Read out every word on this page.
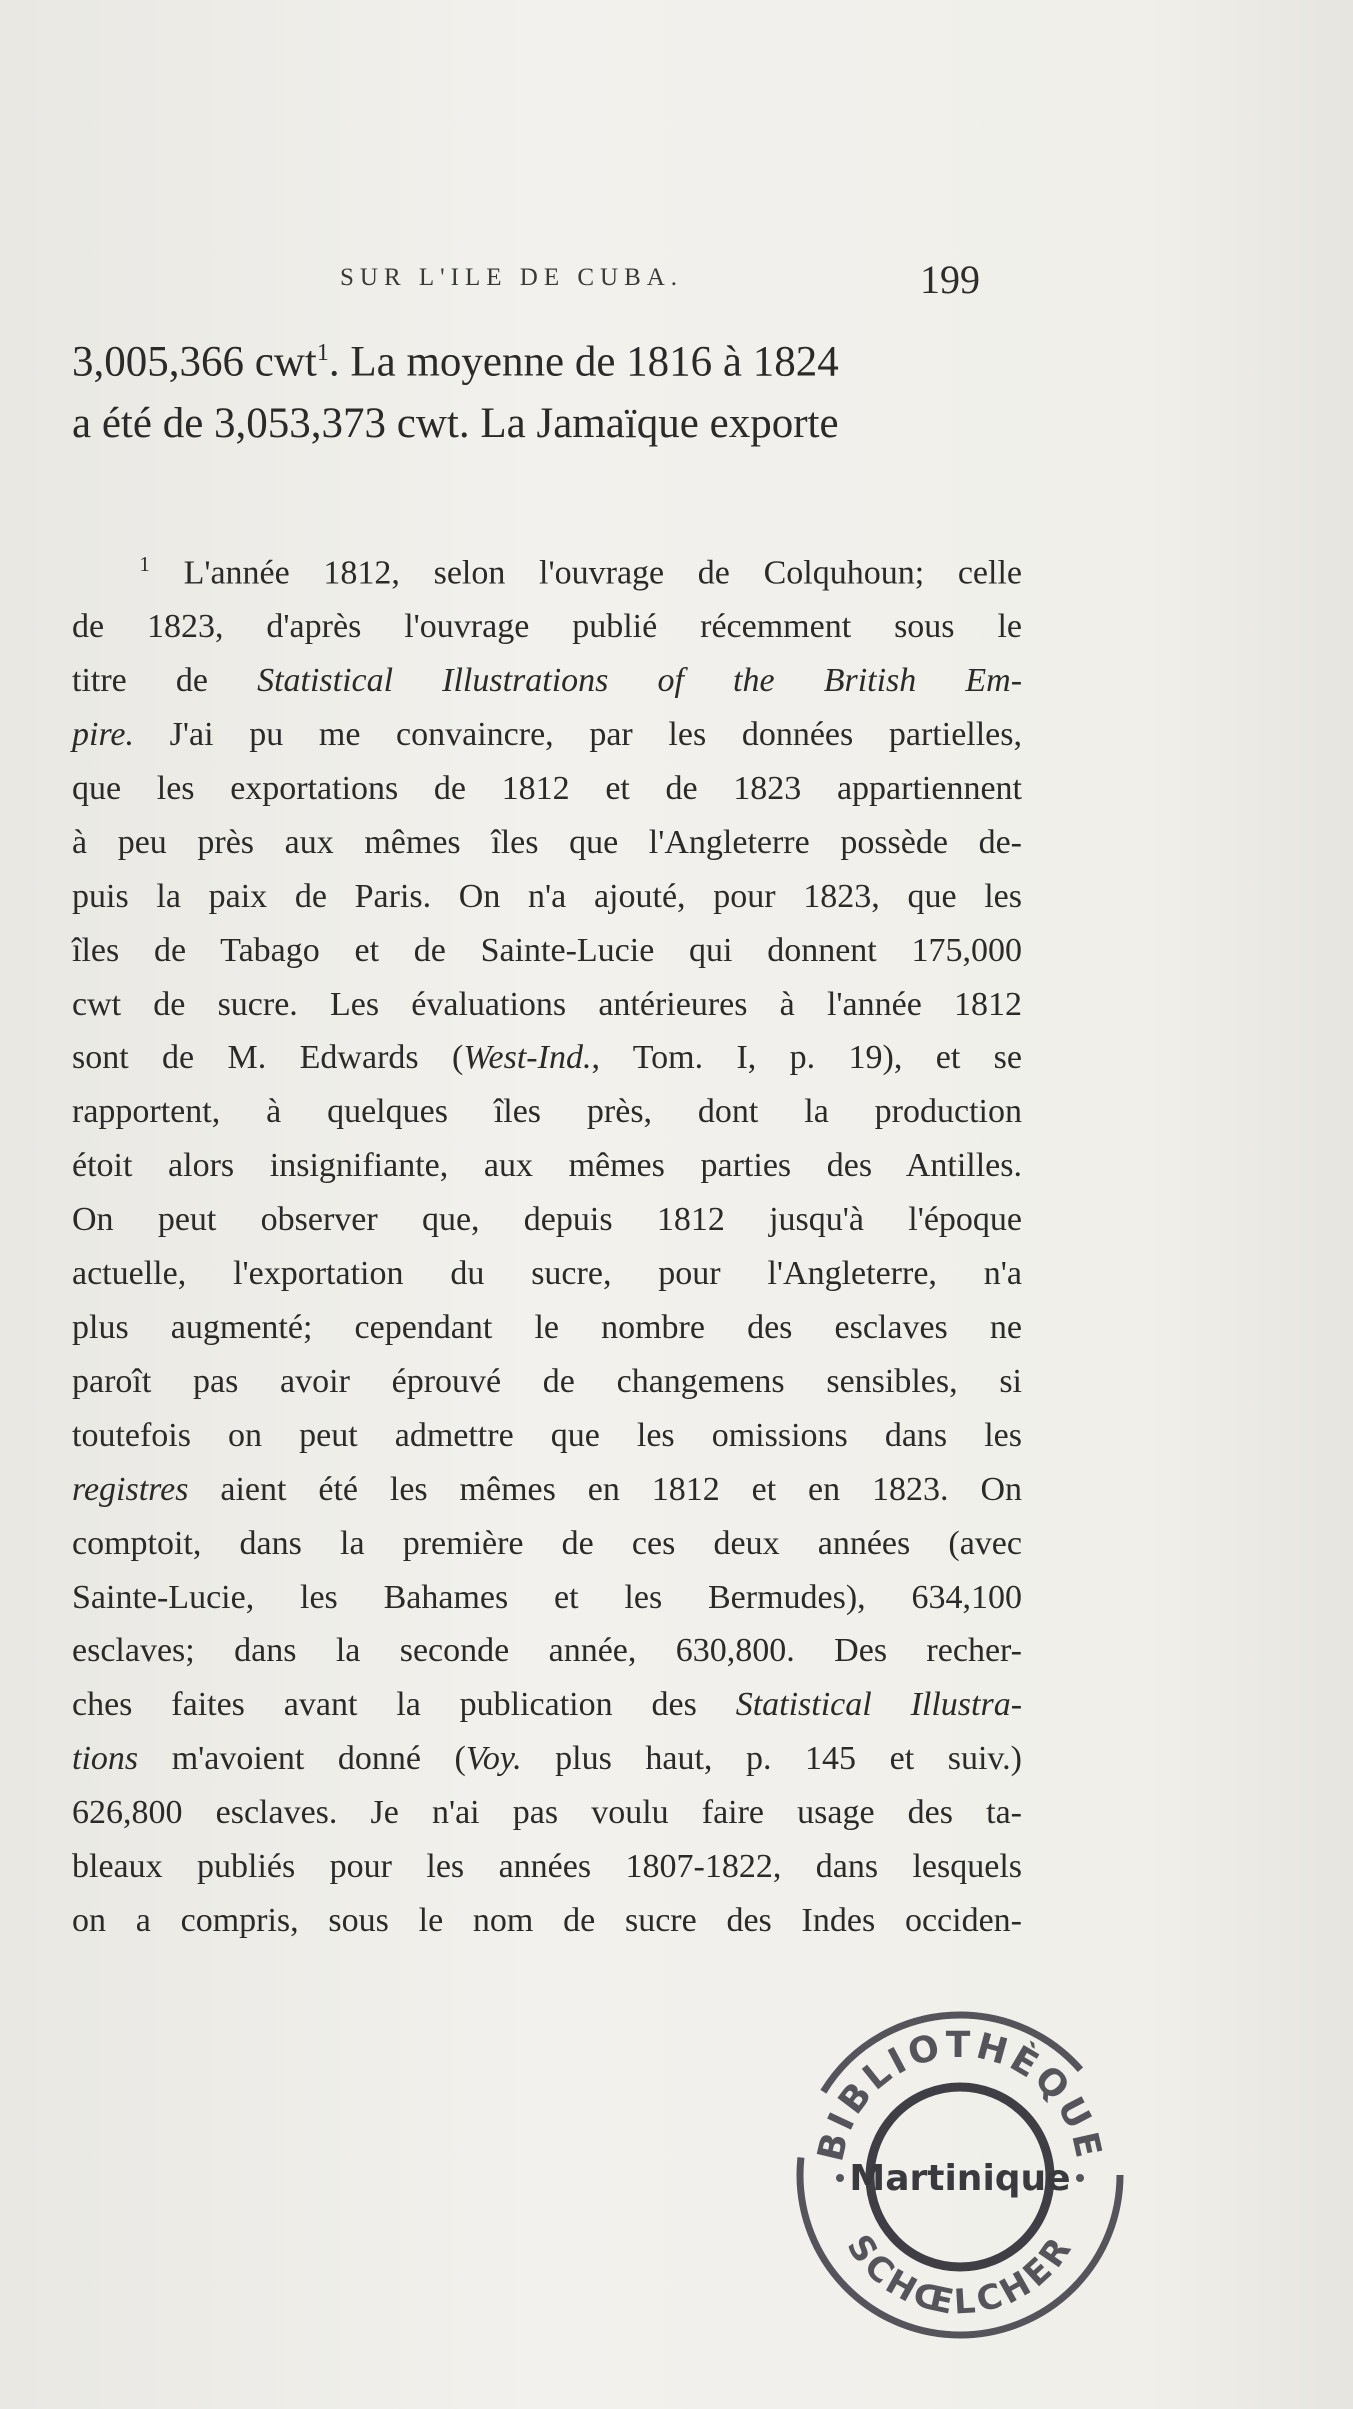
SUR L'ILE DE CUBA.	199

3,005,366 cwt$^1$. La moyenne de 1816 à 1824

a été de 3,053,373 cwt. La Jamaïque exporte

$^1$ L'année 1812, selon l'ouvrage de Colquhoun; celle

de 1823, d'après l'ouvrage publié récemment sous le

titre de Statistical Illustrations of the British Em-

pire. J'ai pu me convaincre, par les données partielles,

que les exportations de 1812 et de 1823 appartiennent

à peu près aux mêmes îles que l'Angleterre possède de-

puis la paix de Paris. On n'a ajouté, pour 1823, que les

îles de Tabago et de Sainte-Lucie qui donnent 175,000

cwt de sucre. Les évaluations antérieures à l'année 1812

sont de M. Edwards (West-Ind., Tom. I, p. 19), et se

rapportent, à quelques îles près, dont la production

étoit alors insignifiante, aux mêmes parties des Antilles.

On peut observer que, depuis 1812 jusqu'à l'époque

actuelle, l'exportation du sucre, pour l'Angleterre, n'a

plus augmenté; cependant le nombre des esclaves ne

paroît pas avoir éprouvé de changemens sensibles, si

toutefois on peut admettre que les omissions dans les

registres aient été les mêmes en 1812 et en 1823. On

comptoit, dans la première de ces deux années (avec

Sainte-Lucie, les Bahames et les Bermudes), 634,100

esclaves; dans la seconde année, 630,800. Des recher-

ches faites avant la publication des Statistical Illustra-

tions m'avoient donné (Voy. plus haut, p. 145 et suiv.)

626,800 esclaves. Je n'ai pas voulu faire usage des ta-

bleaux publiés pour les années 1807-1822, dans lesquels

on a compris, sous le nom de sucre des Indes occiden-

BIBLIOTHÈQUE
Martinique
SCHŒLCHER
